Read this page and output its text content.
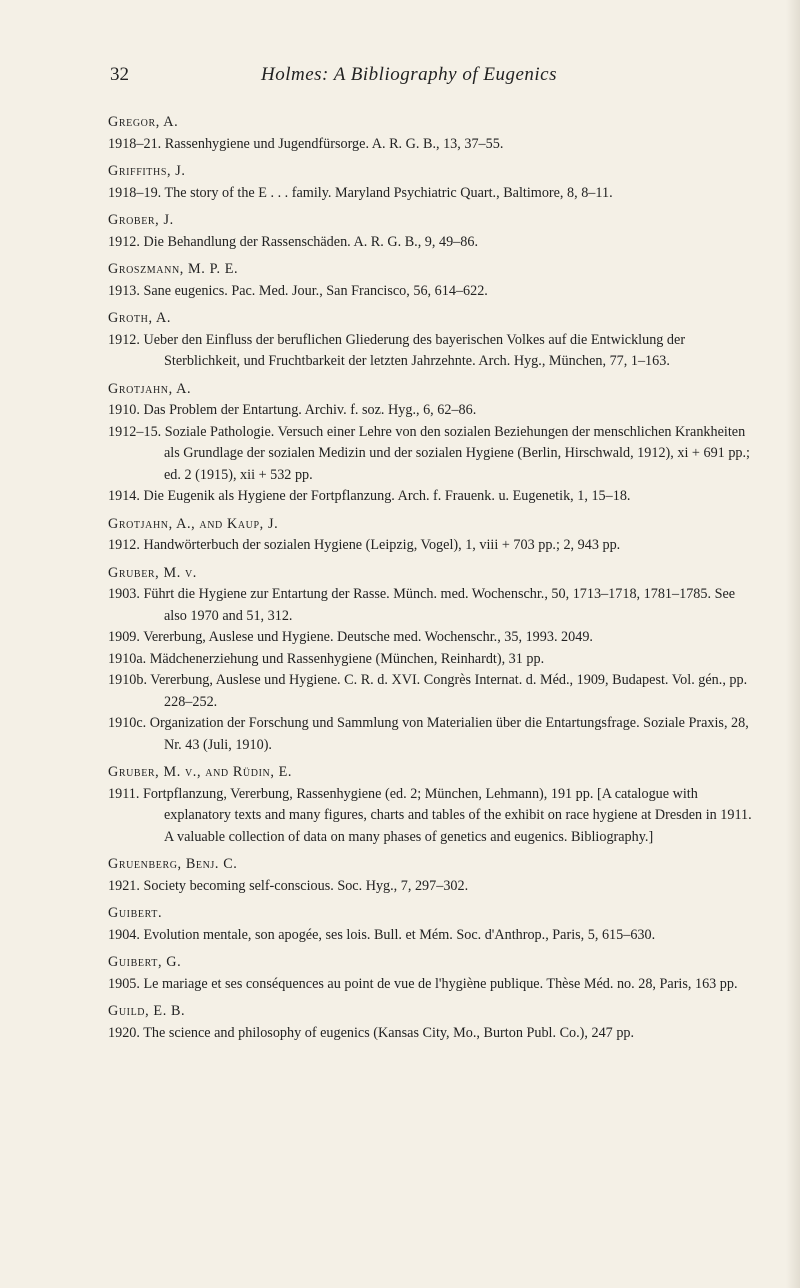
32	Holmes: A Bibliography of Eugenics
Gregor, A.
1918–21. Rassenhygiene und Jugendfürsorge. A. R. G. B., 13, 37–55.
Griffiths, J.
1918–19. The story of the E . . . family. Maryland Psychiatric Quart., Baltimore, 8, 8–11.
Grober, J.
1912. Die Behandlung der Rassenschäden. A. R. G. B., 9, 49–86.
Groszmann, M. P. E.
1913. Sane eugenics. Pac. Med. Jour., San Francisco, 56, 614–622.
Groth, A.
1912. Ueber den Einfluss der beruflichen Gliederung des bayerischen Volkes auf die Entwicklung der Sterblichkeit, und Fruchtbarkeit der letzten Jahrzehnte. Arch. Hyg., München, 77, 1–163.
Grotjahn, A.
1910. Das Problem der Entartung. Archiv. f. soz. Hyg., 6, 62–86.
1912–15. Soziale Pathologie. Versuch einer Lehre von den sozialen Beziehungen der menschlichen Krankheiten als Grundlage der sozialen Medizin und der sozialen Hygiene (Berlin, Hirschwald, 1912), xi + 691 pp.; ed. 2 (1915), xii + 532 pp.
1914. Die Eugenik als Hygiene der Fortpflanzung. Arch. f. Frauenk. u. Eugenetik, 1, 15–18.
Grotjahn, A., and Kaup, J.
1912. Handwörterbuch der sozialen Hygiene (Leipzig, Vogel), 1, viii + 703 pp.; 2, 943 pp.
Gruber, M. v.
1903. Führt die Hygiene zur Entartung der Rasse. Münch. med. Wochenschr., 50, 1713–1718, 1781–1785. See also 1970 and 51, 312.
1909. Vererbung, Auslese und Hygiene. Deutsche med. Wochenschr., 35, 1993. 2049.
1910a. Mädchenerziehung und Rassenhygiene (München, Reinhardt), 31 pp.
1910b. Vererbung, Auslese und Hygiene. C. R. d. XVI. Congrès Internat. d. Méd., 1909, Budapest. Vol. gén., pp. 228–252.
1910c. Organization der Forschung und Sammlung von Materialien über die Entartungsfrage. Soziale Praxis, 28, Nr. 43 (Juli, 1910).
Gruber, M. v., and Rüdin, E.
1911. Fortpflanzung, Vererbung, Rassenhygiene (ed. 2; München, Lehmann), 191 pp. [A catalogue with explanatory texts and many figures, charts and tables of the exhibit on race hygiene at Dresden in 1911. A valuable collection of data on many phases of genetics and eugenics. Bibliography.]
Gruenberg, Benj. C.
1921. Society becoming self-conscious. Soc. Hyg., 7, 297–302.
Guibert.
1904. Evolution mentale, son apogée, ses lois. Bull. et Mém. Soc. d'Anthrop., Paris, 5, 615–630.
Guibert, G.
1905. Le mariage et ses conséquences au point de vue de l'hygiène publique. Thèse Méd. no. 28, Paris, 163 pp.
Guild, E. B.
1920. The science and philosophy of eugenics (Kansas City, Mo., Burton Publ. Co.), 247 pp.
